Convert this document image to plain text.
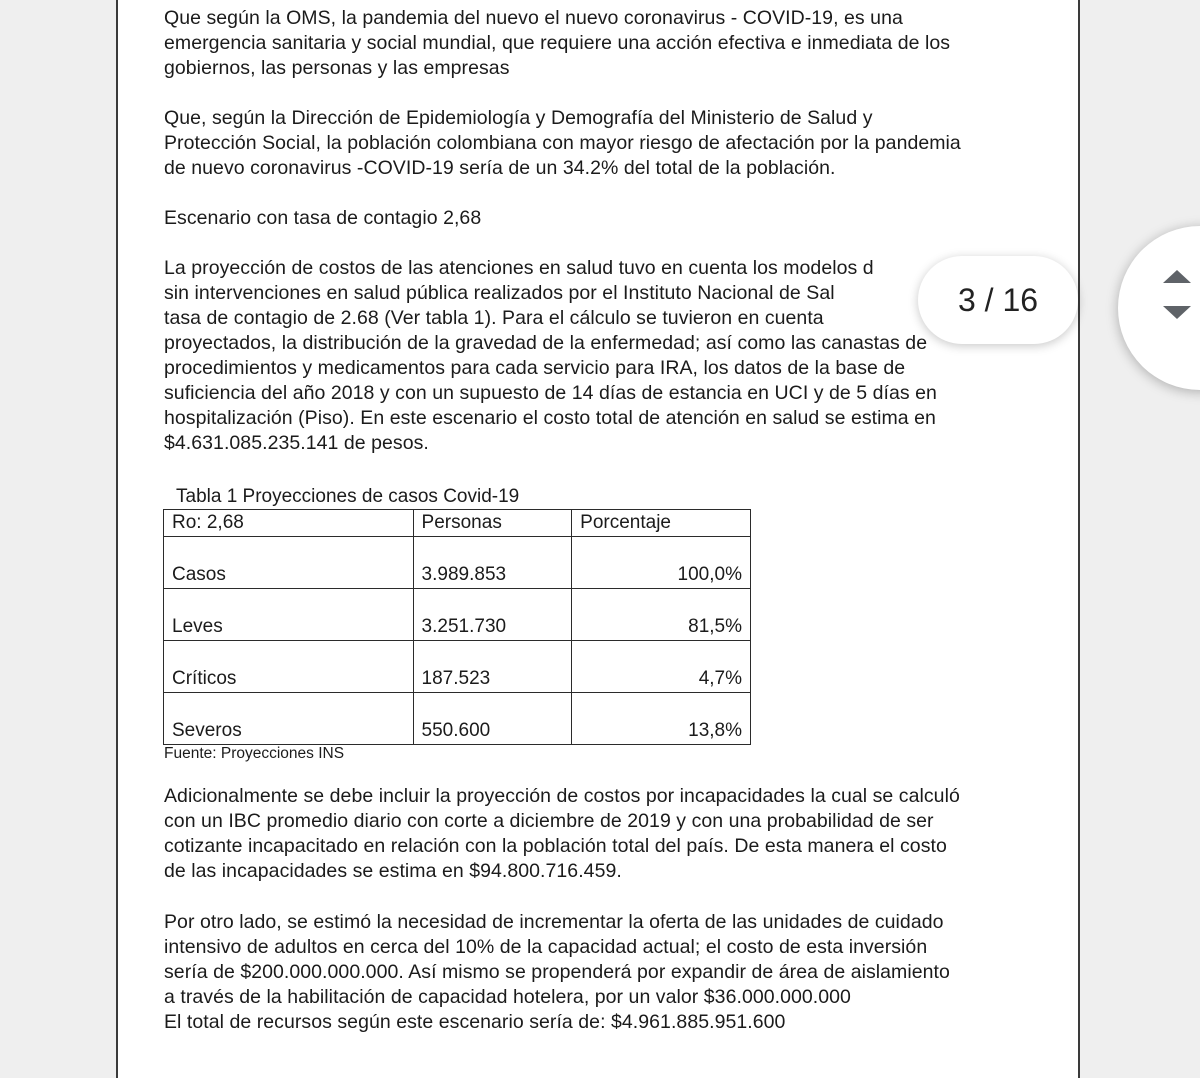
Que según la OMS, la pandemia del nuevo el nuevo coronavirus - COVID-19, es una
emergencia sanitaria y social mundial, que requiere una acción efectiva e inmediata de los
gobiernos, las personas y las empresas

Que, según la Dirección de Epidemiología y Demografía del Ministerio de Salud y
Protección Social, la población colombiana con mayor riesgo de afectación por la pandemia
de nuevo coronavirus -COVID-19 sería de un 34.2% del total de la población.

Escenario con tasa de contagio 2,68

La proyección de costos de las atenciones en salud tuvo en cuenta los modelos d
sin intervenciones en salud pública realizados por el Instituto Nacional de Sal
tasa de contagio de 2.68 (Ver tabla 1). Para el cálculo se tuvieron en cuenta
proyectados, la distribución de la gravedad de la enfermedad; así como las canastas de
procedimientos y medicamentos para cada servicio para IRA, los datos de la base de
suficiencia del año 2018 y con un supuesto de 14 días de estancia en UCI y de 5 días en
hospitalización (Piso). En este escenario el costo total de atención en salud se estima en
$4.631.085.235.141 de pesos.

Tabla 1 Proyecciones de casos Covid-19
Ro: 2,68	Personas	Porcentaje
Casos	3.989.853	100,0%
Leves	3.251.730	81,5%
Críticos	187.523	4,7%
Severos	550.600	13,8%
Fuente: Proyecciones INS

Adicionalmente se debe incluir la proyección de costos por incapacidades la cual se calculó
con un IBC promedio diario con corte a diciembre de 2019 y con una probabilidad de ser
cotizante incapacitado en relación con la población total del país. De esta manera el costo
de las incapacidades se estima en $94.800.716.459.

Por otro lado, se estimó la necesidad de incrementar la oferta de las unidades de cuidado
intensivo de adultos en cerca del 10% de la capacidad actual; el costo de esta inversión
sería de $200.000.000.000. Así mismo se propenderá por expandir de área de aislamiento
a través de la habilitación de capacidad hotelera, por un valor $36.000.000.000
El total de recursos según este escenario sería de: $4.961.885.951.600

3 / 16
